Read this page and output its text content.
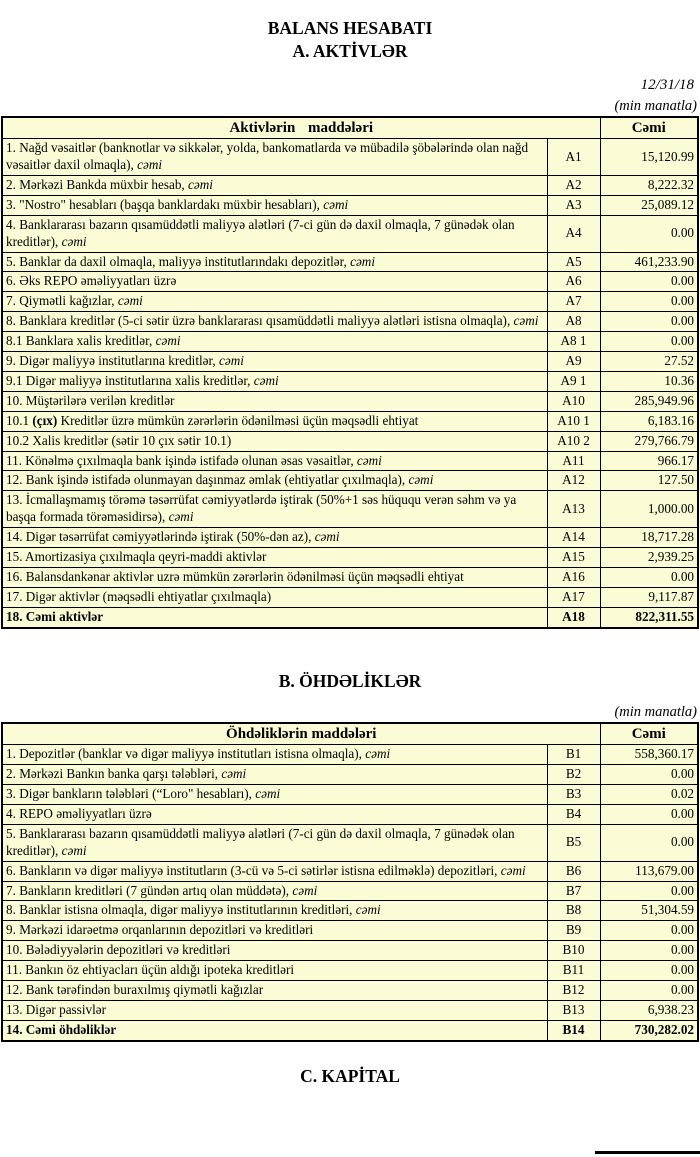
BALANS HESABATI
A. AKTİVLƏR
12/31/18
(min manatla)
Aktivlərin maddələri		Cəmi
1. Nağd vəsaitlər (banknotlar və sikkələr, yolda, bankomatlarda və mübadilə şöbələrində olan nağd vəsaitlər daxil olmaqla), cəmi	A1	15,120.99
2. Mərkəzi Bankda müxbir hesab, cəmi	A2	8,222.32
3. "Nostro" hesabları (başqa banklardakı müxbir hesabları), cəmi	A3	25,089.12
4. Banklararası bazarın qısamüddətli maliyyə alətləri (7-ci gün də daxil olmaqla, 7 günədək olan kreditlər), cəmi	A4	0.00
5. Banklar da daxil olmaqla, maliyyə institutlarındakı depozitlər, cəmi	A5	461,233.90
6. Əks REPO əməliyyatları üzrə	A6	0.00
7. Qiymətli kağızlar, cəmi	A7	0.00
8. Banklara kreditlər (5-ci sətir üzrə banklararası qısamüddətli maliyyə alətləri istisna olmaqla), cəmi	A8	0.00
8.1 Banklara xalis kreditlər, cəmi	A8 1	0.00
9. Digər maliyyə institutlarına kreditlər, cəmi	A9	27.52
9.1 Digər maliyyə institutlarına xalis kreditlər, cəmi	A9 1	10.36
10. Müştərilərə verilən kreditlər	A10	285,949.96
10.1 (çıx) Kreditlər üzrə mümkün zərərlərin ödənilməsi üçün məqsədli ehtiyat	A10 1	6,183.16
10.2 Xalis kreditlər (sətir 10 çıx sətir 10.1)	A10 2	279,766.79
11. Könəlmə çıxılmaqla bank işində istifadə olunan əsas vəsaitlər, cəmi	A11	966.17
12. Bank işində istifadə olunmayan daşınmaz əmlak (ehtiyatlar çıxılmaqla), cəmi	A12	127.50
13. İcmallaşmamış törəmə təsərrüfat cəmiyyətlərdə iştirak (50%+1 səs hüququ verən səhm və ya başqa formada törəməsidirsə), cəmi	A13	1,000.00
14. Digər təsərrüfat cəmiyyətlərində iştirak (50%-dən az), cəmi	A14	18,717.28
15. Amortizasiya çıxılmaqla qeyri-maddi aktivlər	A15	2,939.25
16. Balansdankənar aktivlər uzrə mümkün zərərlərin ödənilməsi üçün məqsədli ehtiyat	A16	0.00
17. Digər aktivlər (məqsədli ehtiyatlar çıxılmaqla)	A17	9,117.87
18. Cəmi aktivlər	A18	822,311.55
B. ÖHDƏLİKLƏR
(min manatla)
Öhdəliklərin maddələri		Cəmi
1. Depozitlər (banklar və digər maliyyə institutları istisna olmaqla), cəmi	B1	558,360.17
2. Mərkəzi Bankın banka qarşı tələbləri, cəmi	B2	0.00
3. Digər bankların tələbləri (“Loro" hesabları), cəmi	B3	0.02
4. REPO əməliyyatları üzrə	B4	0.00
5. Banklararası bazarın qısamüddətli maliyyə alətləri (7-ci gün də daxil olmaqla, 7 günədək olan kreditlər), cəmi	B5	0.00
6. Bankların və digər maliyyə institutların (3-cü və 5-ci sətirlər istisna edilməklə) depozitləri, cəmi	B6	113,679.00
7. Bankların kreditləri (7 gündən artıq olan müddətə), cəmi	B7	0.00
8. Banklar istisna olmaqla, digər maliyyə institutlarının kreditləri, cəmi	B8	51,304.59
9. Mərkəzi idarəetmə orqanlarının depozitləri və kreditləri	B9	0.00
10. Bələdiyyələrin depozitləri və kreditləri	B10	0.00
11. Bankın öz ehtiyacları üçün aldığı ipoteka kreditləri	B11	0.00
12. Bank tərəfindən buraxılmış qiymətli kağızlar	B12	0.00
13. Digər passivlər	B13	6,938.23
14. Cəmi öhdəliklər	B14	730,282.02
C. KAPİTAL
